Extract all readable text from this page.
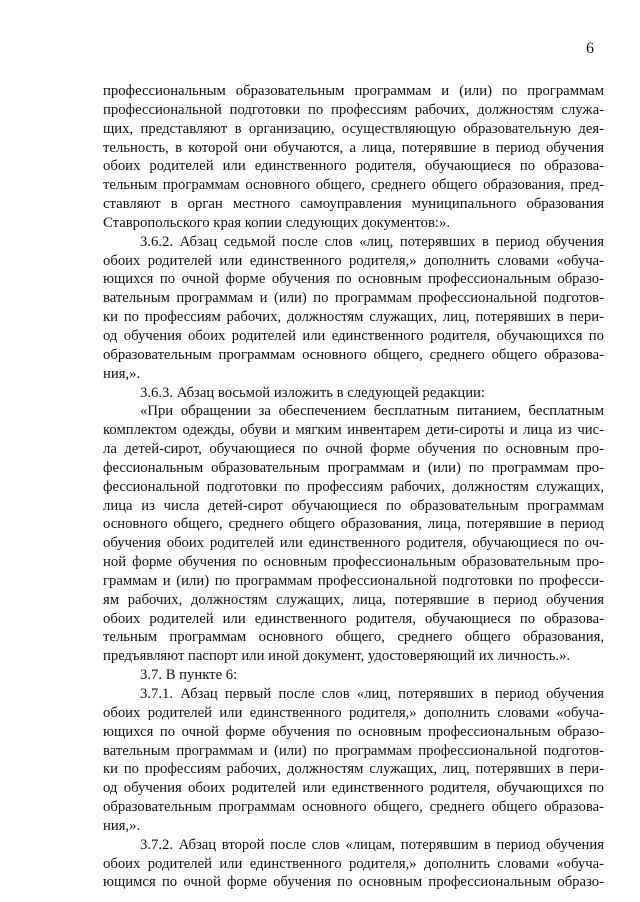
6
профессиональным образовательным программам и (или) по программам
профессиональной подготовки по профессиям рабочих, должностям служа-
щих, представляют в организацию, осуществляющую образовательную дея-
тельность, в которой они обучаются, а лица, потерявшие в период обучения
обоих родителей или единственного родителя, обучающиеся по образова-
тельным программам основного общего, среднего общего образования, пред-
ставляют в орган местного самоуправления муниципального образования
Ставропольского края копии следующих документов:».
3.6.2. Абзац седьмой после слов «лиц, потерявших в период обучения
обоих родителей или единственного родителя,» дополнить словами «обуча-
ющихся по очной форме обучения по основным профессиональным образо-
вательным программам и (или) по программам профессиональной подготов-
ки по профессиям рабочих, должностям служащих, лиц, потерявших в пери-
од обучения обоих родителей или единственного родителя, обучающихся по
образовательным программам основного общего, среднего общего образова-
ния,».
3.6.3. Абзац восьмой изложить в следующей редакции:
«При обращении за обеспечением бесплатным питанием, бесплатным
комплектом одежды, обуви и мягким инвентарем дети-сироты и лица из чис-
ла детей-сирот, обучающиеся по очной форме обучения по основным про-
фессиональным образовательным программам и (или) по программам про-
фессиональной подготовки по профессиям рабочих, должностям служащих,
лица из числа детей-сирот обучающиеся по образовательным программам
основного общего, среднего общего образования, лица, потерявшие в период
обучения обоих родителей или единственного родителя, обучающиеся по оч-
ной форме обучения по основным профессиональным образовательным про-
граммам и (или) по программам профессиональной подготовки по професси-
ям рабочих, должностям служащих, лица, потерявшие в период обучения
обоих родителей или единственного родителя, обучающиеся по образова-
тельным программам основного общего, среднего общего образования,
предъявляют паспорт или иной документ, удостоверяющий их личность.».
3.7. В пункте 6:
3.7.1. Абзац первый после слов «лиц, потерявших в период обучения
обоих родителей или единственного родителя,» дополнить словами «обуча-
ющихся по очной форме обучения по основным профессиональным образо-
вательным программам и (или) по программам профессиональной подготов-
ки по профессиям рабочих, должностям служащих, лиц, потерявших в пери-
од обучения обоих родителей или единственного родителя, обучающихся по
образовательным программам основного общего, среднего общего образова-
ния,».
3.7.2. Абзац второй после слов «лицам, потерявшим в период обучения
обоих родителей или единственного родителя,» дополнить словами «обуча-
ющимся по очной форме обучения по основным профессиональным образо-
